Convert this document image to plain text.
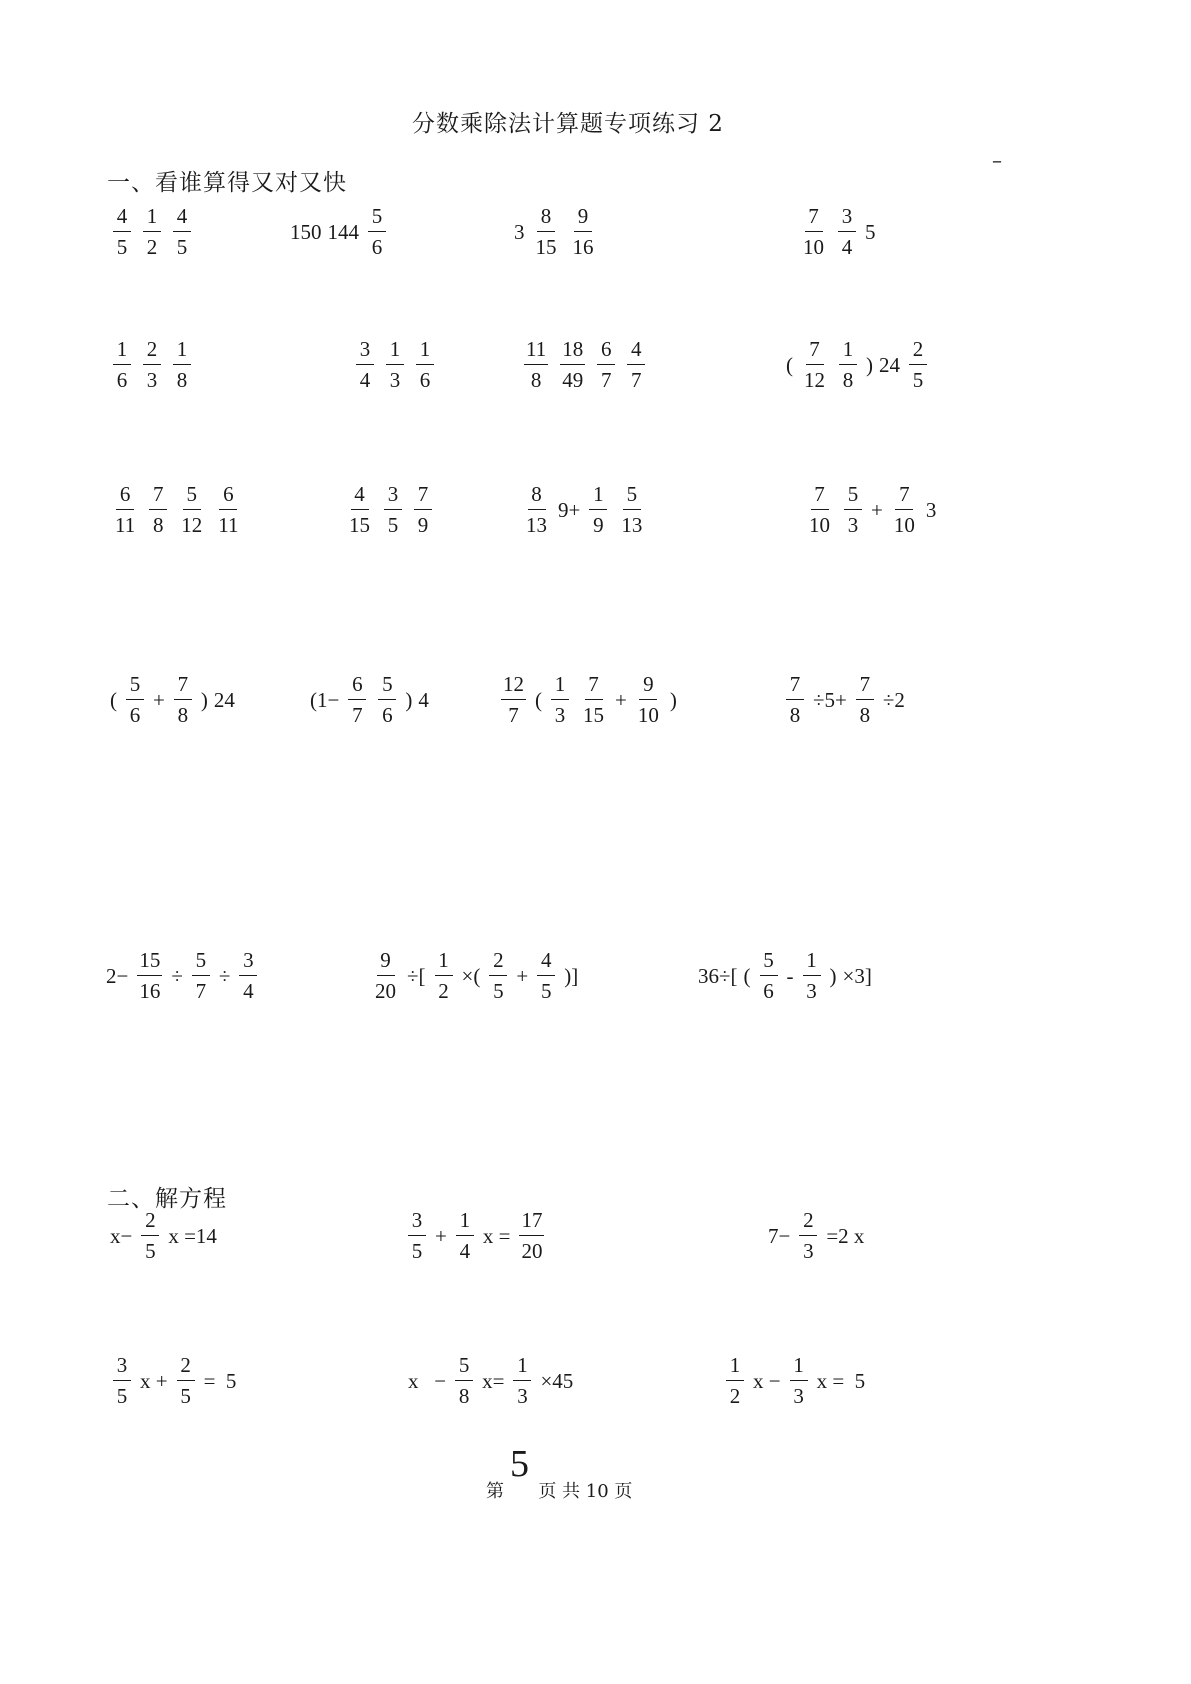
分数乘除法计算题专项练习 2
–
一、看谁算得又对又快
$\frac{4}{5} \frac{1}{2} \frac{4}{5}$	150 $144 \frac{5}{6}$	$3 \frac{8}{15} \frac{9}{16}$	$\frac{7}{10} \frac{3}{4} 5$
$\frac{1}{6} \frac{2}{3} \frac{1}{8}$	$\frac{3}{4} \frac{1}{3} \frac{1}{6}$	$\frac{11}{8} \frac{18}{49} \frac{6}{7} \frac{4}{7}$	( $\frac{7}{12} \frac{1}{8}$ ) $24 \frac{2}{5}$
$\frac{6}{11} \frac{7}{8} \frac{5}{12} \frac{6}{11}$	$\frac{4}{15} \frac{3}{5} \frac{7}{9}$	$\frac{8}{13} 9+ \frac{1}{9} \frac{5}{13}$	$\frac{7}{10} \frac{5}{3} + \frac{7}{10} 3$
( $\frac{5}{6} + \frac{7}{8}$ ) 24	($1- \frac{6}{7} \frac{5}{6}$ ) 4	$\frac{12}{7}$ ( $\frac{1}{3} \frac{7}{15} + \frac{9}{10}$ )	$\frac{7}{8} \div 5+ \frac{7}{8} \div 2$
$2- \frac{15}{16} \div \frac{5}{7} \div \frac{3}{4}$	$\frac{9}{20}$ ÷[ $\frac{1}{2}$ ×( $\frac{2}{5} + \frac{4}{5}$ )]	36÷[ ( $\frac{5}{6} - \frac{1}{3}$ ) ×3]
二、解方程
$x- \frac{2}{5}$ x =14	$\frac{3}{5} + \frac{1}{4}$ $x = \frac{17}{20}$	$7- \frac{2}{3} =2$ x
$\frac{3}{5}$ $x + \frac{2}{5} = 5$	$x - \frac{5}{8} x= \frac{1}{3} \times 45$	$\frac{1}{2}$ $x - \frac{1}{3}$ x =  5
5
第      页 共 10 页
